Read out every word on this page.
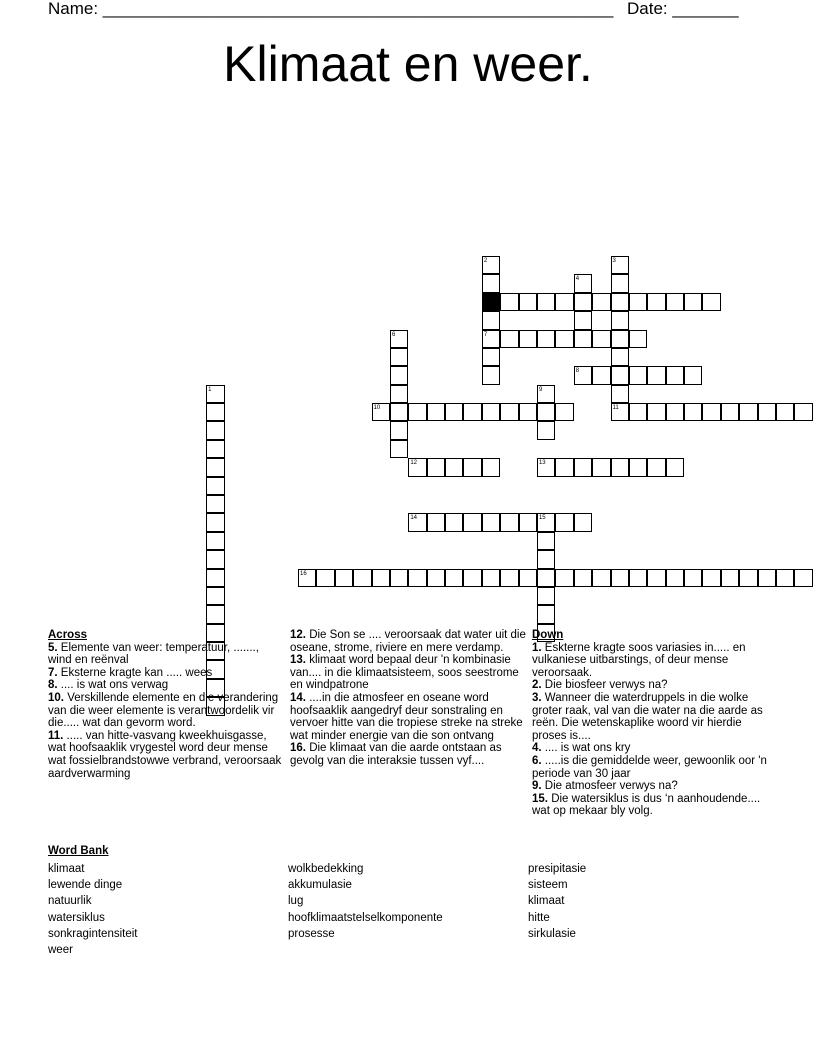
Name: ______________________________________________________ Date: _______
Klimaat en weer.
1
2
7
3
4
6
8
9
10	11
12	13
14	15
16
Across
5. Elemente van weer: temperatuur, ......., wind en reënval
7. Eksterne kragte kan ..... wees
8. .... is wat ons verwag
10. Verskillende elemente en die verandering van die weer elemente is verantwoordelik vir die..... wat dan gevorm word.
11. ..... van hitte-vasvang kweekhuisgasse, wat hoofsaaklik vrygestel word deur mense wat fossielbrandstowwe verbrand, veroorsaak aardverwarming
12. Die Son se .... veroorsaak dat water uit die oseane, strome, riviere en mere verdamp.
13. klimaat word bepaal deur 'n kombinasie van.... in die klimaatsisteem, soos seestrome en windpatrone
14. ....in die atmosfeer en oseane word hoofsaaklik aangedryf deur sonstraling en vervoer hitte van die tropiese streke na streke wat minder energie van die son ontvang
16. Die klimaat van die aarde ontstaan as gevolg van die interaksie tussen vyf....
Down
1. Eskterne kragte soos variasies in..... en vulkaniese uitbarstings, of deur mense veroorsaak.
2. Die biosfeer verwys na?
3. Wanneer die waterdruppels in die wolke groter raak, val van die water na die aarde as reën. Die wetenskaplike woord vir hierdie proses is....
4. .... is wat ons kry
6. .....is die gemiddelde weer, gewoonlik oor 'n periode van 30 jaar
9. Die atmosfeer verwys na?
15. Die watersiklus is dus ‘n aanhoudende.... wat op mekaar bly volg.
Word Bank
klimaat
lewende dinge
natuurlik
watersiklus
sonkragintensiteit
weer
wolkbedekking
akkumulasie
lug
hoofklimaatstelselkomponente
prosesse
presipitasie
sisteem
klimaat
hitte
sirkulasie
